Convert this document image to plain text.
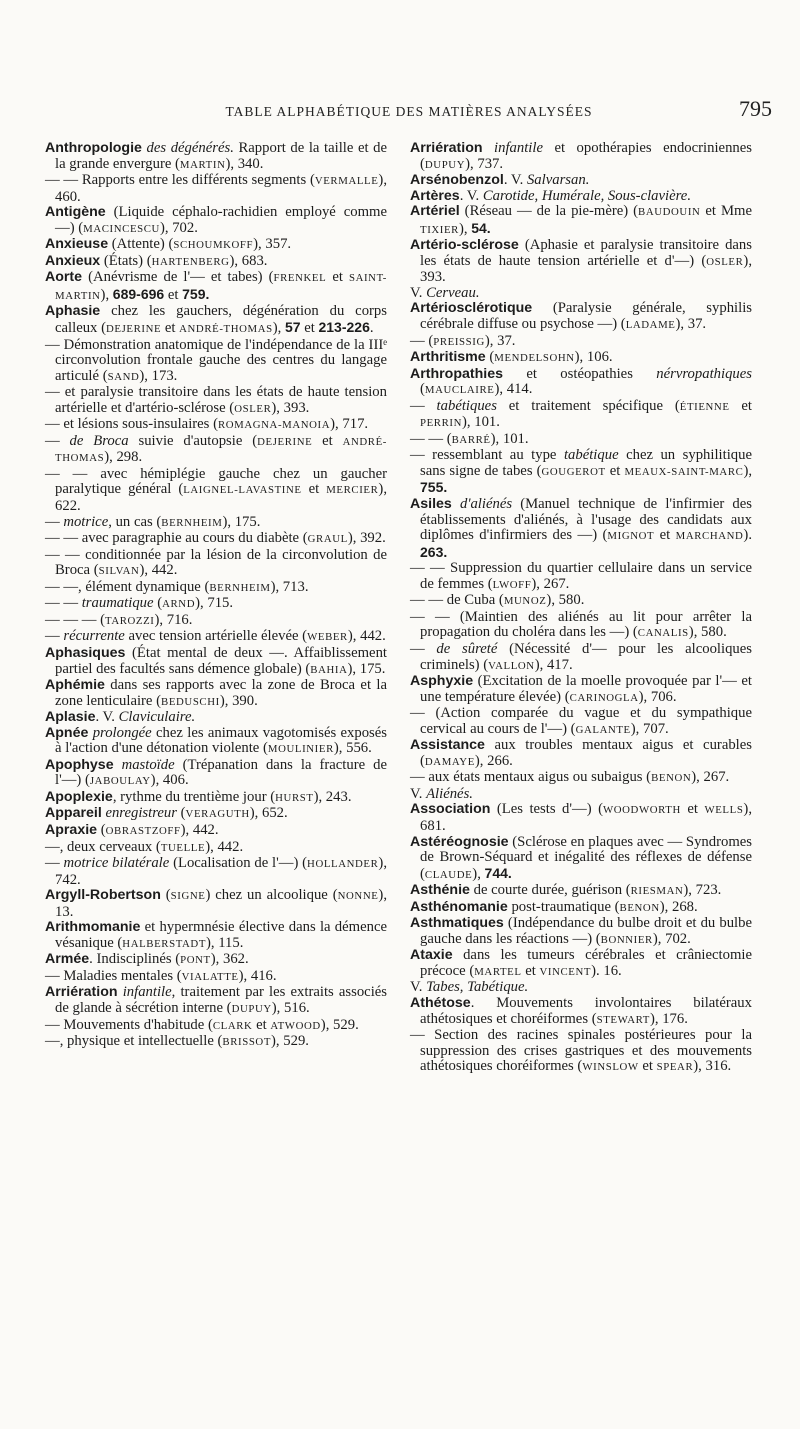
TABLE ALPHABÉTIQUE DES MATIÈRES ANALYSÉES	795

Anthropologie des dégénérés. Rapport de la taille et de la grande envergure (MARTIN), 340.

— — Rapports entre les différents segments (VERMALLE), 460.

Antigène (Liquide céphalo-rachidien employé comme —) (MACINCESCU), 702.

Anxieuse (Attente) (SCHOUMKOFF), 357.

Anxieux (États) (HARTENBERG), 683.

Aorte (Anévrisme de l'— et tabes) (FRENKEL et SAINT-MARTIN), 689-696 et 759.

Aphasie chez les gauchers, dégénération du corps calleux (DEJERINE et ANDRÉ-THOMAS), 57 et 213-226.

— Démonstration anatomique de l'indépendance de la IIIᵉ circonvolution frontale gauche des centres du langage articulé (SAND), 173.

— et paralysie transitoire dans les états de haute tension artérielle et d'artério-sclérose (OSLER), 393.

— et lésions sous-insulaires (ROMAGNA-MANOIA), 717.

— de Broca suivie d'autopsie (DEJERINE et ANDRÉ-THOMAS), 298.

— — avec hémiplégie gauche chez un gaucher paralytique général (LAIGNEL-LAVASTINE et MERCIER), 622.

— motrice, un cas (BERNHEIM), 175.

— — avec paragraphie au cours du diabète (GRAUL), 392.

— — conditionnée par la lésion de la circonvolution de Broca (SILVAN), 442.

— —, élément dynamique (BERNHEIM), 713.

— — traumatique (ARND), 715.

— — — (TAROZZI), 716.

— récurrente avec tension artérielle élevée (WEBER), 442.

Aphasiques (État mental de deux —. Affaiblissement partiel des facultés sans démence globale) (BAHIA), 175.

Aphémie dans ses rapports avec la zone de Broca et la zone lenticulaire (BEDUSCHI), 390.

Aplasie. V. Claviculaire.

Apnée prolongée chez les animaux vagotomisés exposés à l'action d'une détonation violente (MOULINIER), 556.

Apophyse mastoïde (Trépanation dans la fracture de l'—) (JABOULAY), 406.

Apoplexie, rythme du trentième jour (HURST), 243.

Appareil enregistreur (VERAGUTH), 652.

Apraxie (OBRASTZOFF), 442.

—, deux cerveaux (TUELLE), 442.

— motrice bilatérale (Localisation de l'—) (HOLLANDER), 742.

Argyll-Robertson (SIGNE) chez un alcoolique (NONNE), 13.

Arithmomanie et hypermnésie élective dans la démence vésanique (HALBERSTADT), 115.

Armée. Indisciplinés (PONT), 362.

— Maladies mentales (VIALATTE), 416.

Arriération infantile, traitement par les extraits associés de glande à sécrétion interne (DUPUY), 516.

— Mouvements d'habitude (CLARK et ATWOOD), 529.

—, physique et intellectuelle (BRISSOT), 529.

Arriération infantile et opothérapies endocriniennes (DUPUY), 737.

Arsénobenzol. V. Salvarsan.

Artères. V. Carotide, Humérale, Sous-clavière.

Artériel (Réseau — de la pie-mère) (BAUDOUIN et Mme TIXIER), 54.

Artério-sclérose (Aphasie et paralysie transitoire dans les états de haute tension artérielle et d'—) (OSLER), 393.

V. Cerveau.

Artériosclérotique (Paralysie générale, syphilis cérébrale diffuse ou psychose —) (LADAME), 37.

— (PREISSIG), 37.

Arthritisme (MENDELSOHN), 106.

Arthropathies et ostéopathies nérvropathiques (MAUCLAIRE), 414.

— tabétiques et traitement spécifique (ÉTIENNE et PERRIN), 101.

— — (BARRÉ), 101.

— ressemblant au type tabétique chez un syphilitique sans signe de tabes (GOUGEROT et MEAUX-SAINT-MARC), 755.

Asiles d'aliénés (Manuel technique de l'infirmier des établissements d'aliénés, à l'usage des candidats aux diplômes d'infirmiers des —) (MIGNOT et MARCHAND). 263.

— — Suppression du quartier cellulaire dans un service de femmes (LWOFF), 267.

— — de Cuba (MUNOZ), 580.

— — (Maintien des aliénés au lit pour arrêter la propagation du choléra dans les —) (CANALIS), 580.

— de sûreté (Nécessité d'— pour les alcooliques criminels) (VALLON), 417.

Asphyxie (Excitation de la moelle provoquée par l'— et une température élevée) (CARINOGLA), 706.

— (Action comparée du vague et du sympathique cervical au cours de l'—) (GALANTE), 707.

Assistance aux troubles mentaux aigus et curables (DAMAYE), 266.

— aux états mentaux aigus ou subaigus (BENON), 267.

V. Aliénés.

Association (Les tests d'—) (WOODWORTH et WELLS), 681.

Astéréognosie (Sclérose en plaques avec — Syndromes de Brown-Séquard et inégalité des réflexes de défense (CLAUDE), 744.

Asthénie de courte durée, guérison (RIESMAN), 723.

Asthénomanie post-traumatique (BENON), 268.

Asthmatiques (Indépendance du bulbe droit et du bulbe gauche dans les réactions —) (BONNIER), 702.

Ataxie dans les tumeurs cérébrales et crâniectomie précoce (MARTEL et VINCENT). 16.

V. Tabes, Tabétique.

Athétose. Mouvements involontaires bilatéraux athétosiques et choréiformes (STEWART), 176.

— Section des racines spinales postérieures pour la suppression des crises gastriques et des mouvements athétosiques choréiformes (WINSLOW et SPEAR), 316.
